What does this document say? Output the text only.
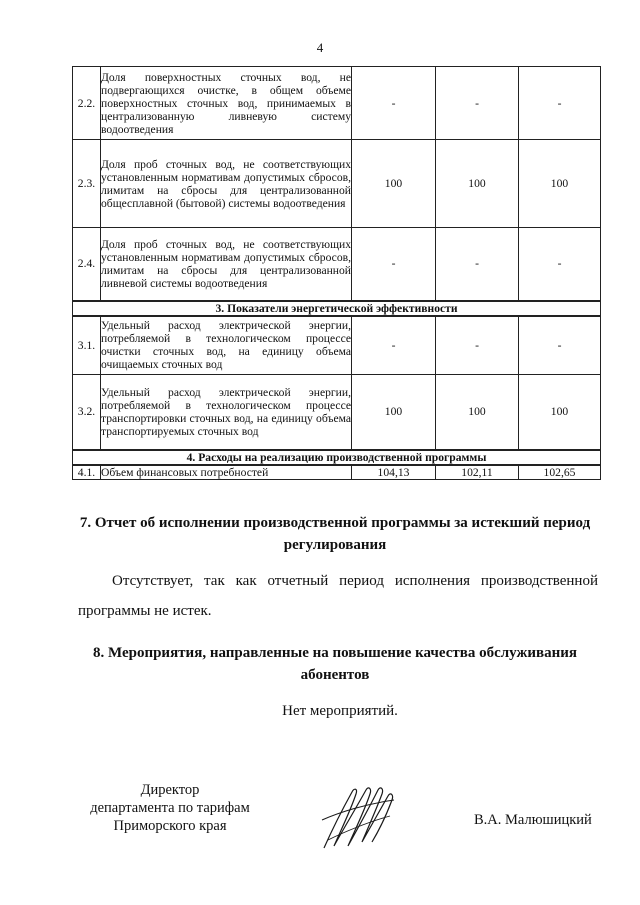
4
2.2.	Доля поверхностных сточных вод, не подвергающихся очистке, в общем объеме поверхностных сточных вод, принимаемых в централизованную ливневую систему водоотведения	-	-	-
2.3.	Доля проб сточных вод, не соответствующих установленным нормативам допустимых сбросов, лимитам на сбросы для централизованной общесплавной (бытовой) системы водоотведения	100	100	100
2.4.	Доля проб сточных вод, не соответствующих установленным нормативам допустимых сбросов, лимитам на сбросы для централизованной ливневой системы водоотведения	-	-	-
3. Показатели энергетической эффективности				
3.1.	Удельный расход электрической энергии, потребляемой в технологическом процессе очистки сточных вод, на единицу объема очищаемых сточных вод	-	-	-
3.2.	Удельный расход электрической энергии, потребляемой в технологическом процессе транспортировки сточных вод, на единицу объема транспортируемых сточных вод	100	100	100
4. Расходы на реализацию производственной программы				
4.1.	Объем финансовых потребностей	104,13	102,11	102,65
7. Отчет об исполнении производственной программы за истекший период регулирования
Отсутствует, так как отчетный период исполнения производственной программы не истек.
8. Мероприятия, направленные на повышение качества обслуживания абонентов
Нет мероприятий.
Директор
департамента по тарифам
Приморского края	В.А. Малюшицкий
